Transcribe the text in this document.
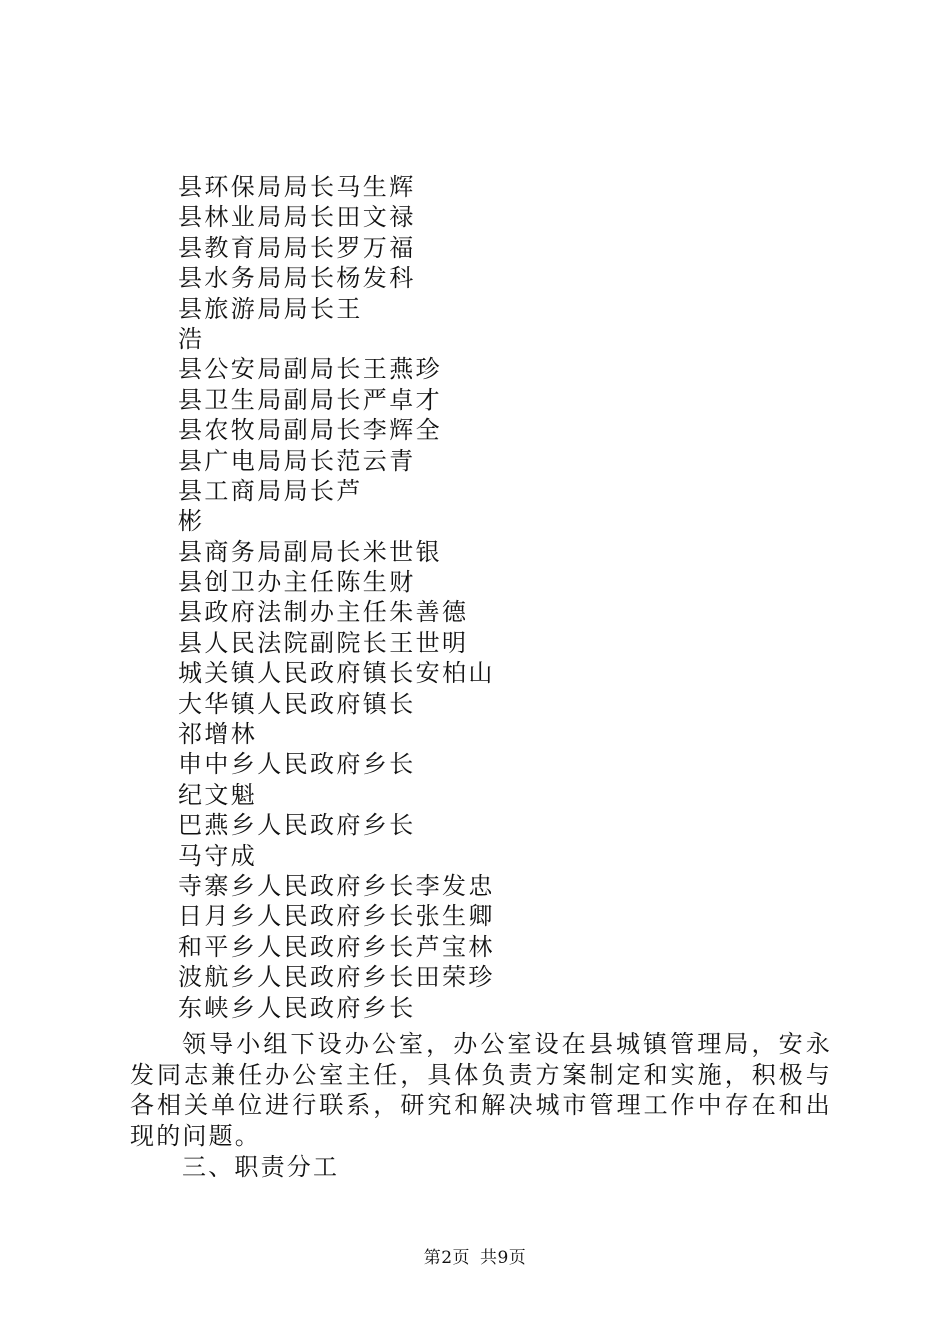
县环保局局长马生辉
县林业局局长田文禄
县教育局局长罗万福
县水务局局长杨发科
县旅游局局长王
浩
县公安局副局长王燕珍
县卫生局副局长严卓才
县农牧局副局长李辉全
县广电局局长范云青
县工商局局长芦
彬
县商务局副局长米世银
县创卫办主任陈生财
县政府法制办主任朱善德
县人民法院副院长王世明
城关镇人民政府镇长安柏山
大华镇人民政府镇长
祁增林
申中乡人民政府乡长
纪文魁
巴燕乡人民政府乡长
马守成
寺寨乡人民政府乡长李发忠
日月乡人民政府乡长张生卿
和平乡人民政府乡长芦宝林
波航乡人民政府乡长田荣珍
东峡乡人民政府乡长

领导小组下设办公室，办公室设在县城镇管理局，安永发同志兼任办公室主任，具体负责方案制定和实施，积极与各相关单位进行联系，研究和解决城市管理工作中存在和出现的问题。

三、职责分工

第2页 共9页
